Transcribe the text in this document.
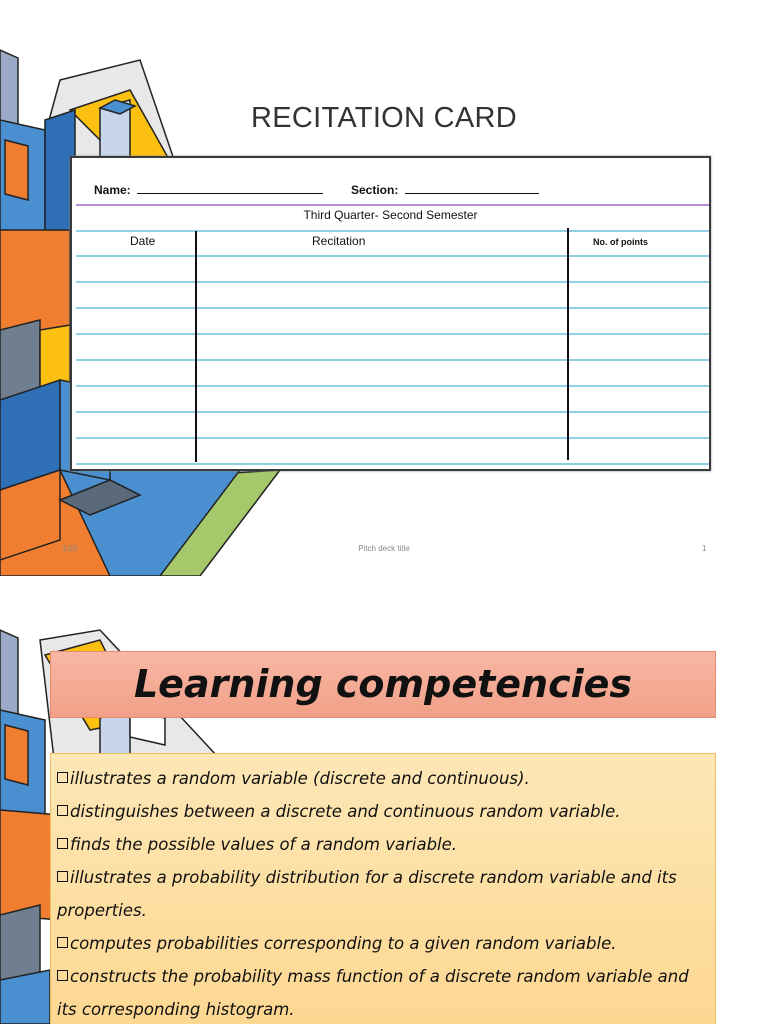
RECITATION CARD
Name:	Section:
Third Quarter- Second Semester
Date	Recitation	No. of points
1/20	Pitch deck title	1
Learning competencies
illustrates a random variable (discrete and continuous).
distinguishes between a discrete and continuous random variable.
finds the possible values of a random variable.
illustrates a probability distribution for a discrete random variable and its properties.
computes probabilities corresponding to a given random variable.
constructs the probability mass function of a discrete random variable and its corresponding histogram.
